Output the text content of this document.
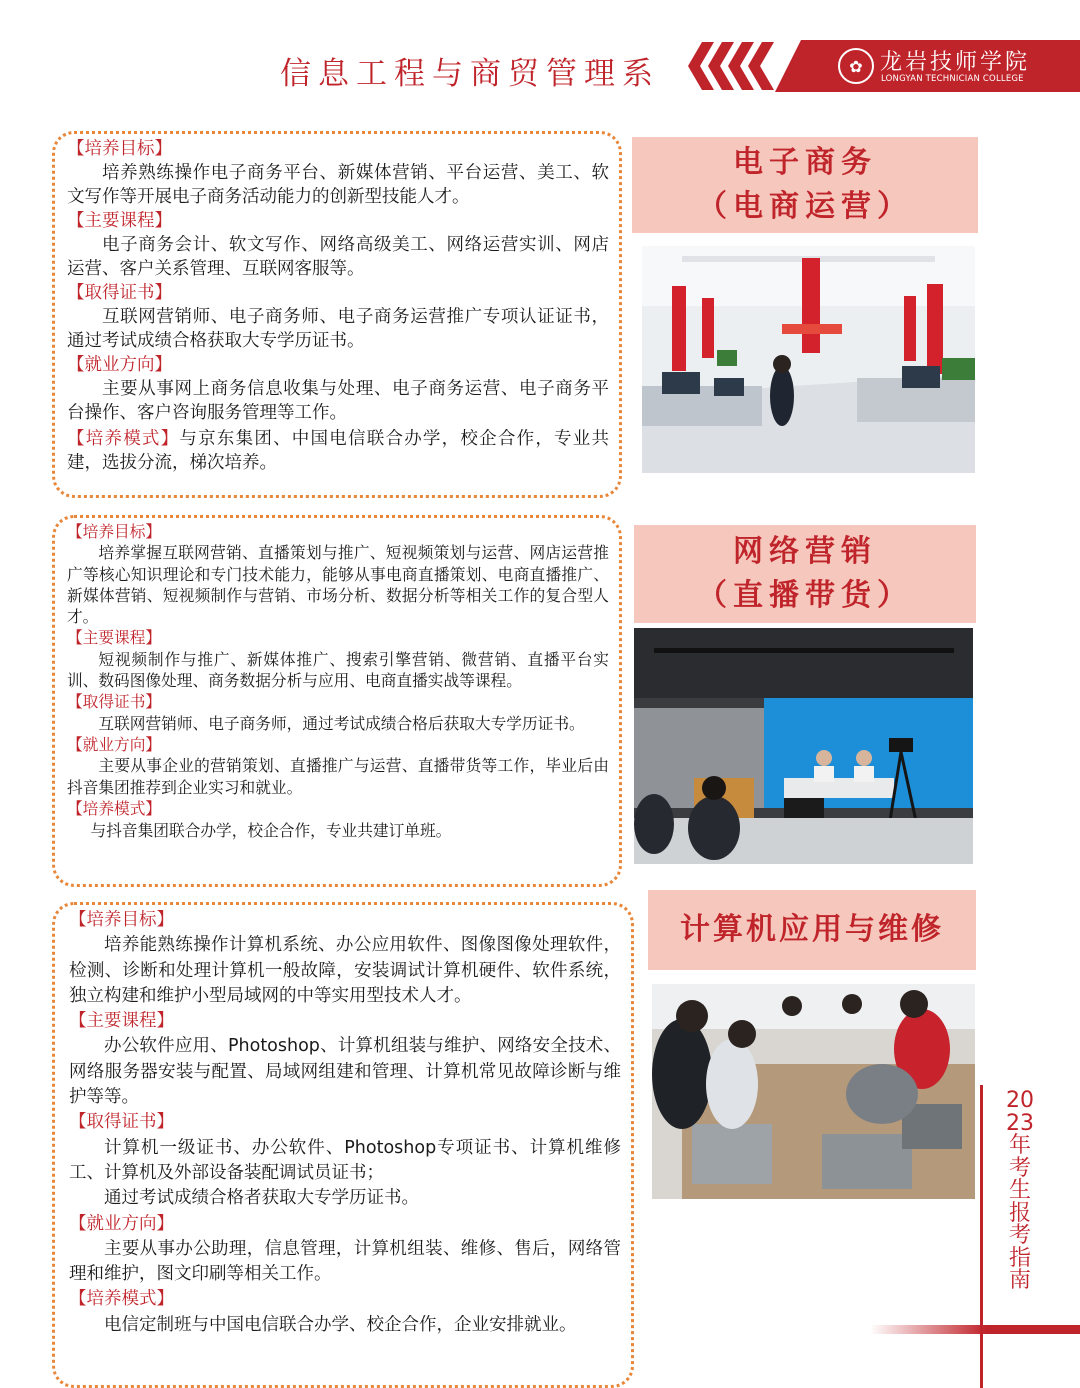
信息工程与商贸管理系	✿ 龙岩技师学院
LONGYAN TECHNICIAN COLLEGE

【培养目标】

培养熟练操作电子商务平台、新媒体营销、平台运营、美工、软文写作等开展电子商务活动能力的创新型技能人才。

【主要课程】

电子商务会计、软文写作、网络高级美工、网络运营实训、网店运营、客户关系管理、互联网客服等。

【取得证书】

互联网营销师、电子商务师、电子商务运营推广专项认证证书，通过考试成绩合格获取大专学历证书。

【就业方向】

主要从事网上商务信息收集与处理、电子商务运营、电子商务平台操作、客户咨询服务管理等工作。

【培养模式】与京东集团、中国电信联合办学，校企合作，专业共建，选拔分流，梯次培养。

【培养目标】

培养掌握互联网营销、直播策划与推广、短视频策划与运营、网店运营推广等核心知识理论和专门技术能力，能够从事电商直播策划、电商直播推广、新媒体营销、短视频制作与营销、市场分析、数据分析等相关工作的复合型人才。

【主要课程】

短视频制作与推广、新媒体推广、搜索引擎营销、微营销、直播平台实训、数码图像处理、商务数据分析与应用、电商直播实战等课程。

【取得证书】

互联网营销师、电子商务师，通过考试成绩合格后获取大专学历证书。

【就业方向】

主要从事企业的营销策划、直播推广与运营、直播带货等工作，毕业后由抖音集团推荐到企业实习和就业。

【培养模式】

与抖音集团联合办学，校企合作，专业共建订单班。

【培养目标】

培养能熟练操作计算机系统、办公应用软件、图像图像处理软件，检测、诊断和处理计算机一般故障，安装调试计算机硬件、软件系统，独立构建和维护小型局域网的中等实用型技术人才。

【主要课程】

办公软件应用、Photoshop、计算机组装与维护、网络安全技术、网络服务器安装与配置、局域网组建和管理、计算机常见故障诊断与维护等等。

【取得证书】

计算机一级证书、办公软件、Photoshop专项证书、计算机维修工、计算机及外部设备装配调试员证书；

通过考试成绩合格者获取大专学历证书。

【就业方向】

主要从事办公助理，信息管理，计算机组装、维修、售后，网络管理和维护，图文印刷等相关工作。

【培养模式】

电信定制班与中国电信联合办学、校企合作，企业安排就业。

电子商务
（电商运营）
网络营销
（直播带货）
计算机应用与维修
2023年考生报考指南
